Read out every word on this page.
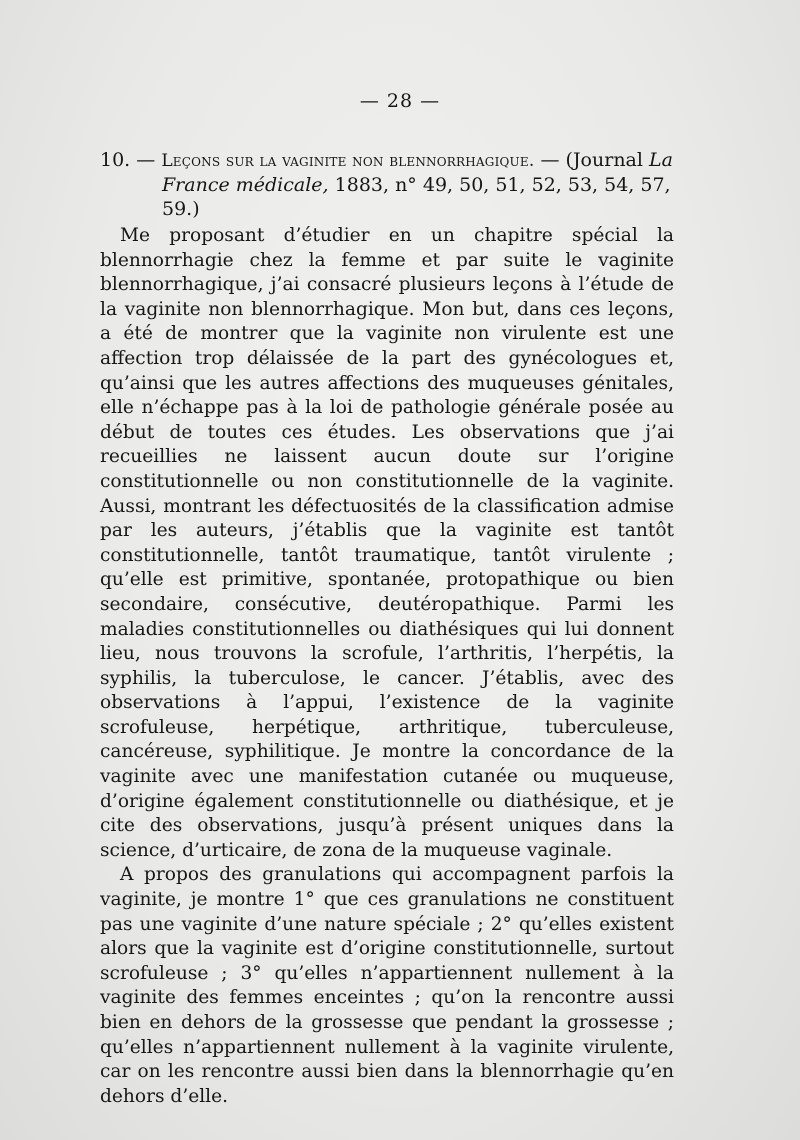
— 28 —
10. — Leçons sur la vaginite non blennorrhagique. — (Journal La
France médicale, 1883, n° 49, 50, 51, 52, 53, 54, 57, 59.)

Me proposant d’étudier en un chapitre spécial la blennorrhagie chez la femme et par suite le vaginite blennorrhagique, j’ai consacré plusieurs leçons à l’étude de la vaginite non blennorrhagique. Mon but, dans ces leçons, a été de montrer que la vaginite non virulente est une affection trop délaissée de la part des gynécologues et, qu’ainsi que les autres affections des muqueuses génitales, elle n’échappe pas à la loi de pathologie générale posée au début de toutes ces études. Les observations que j’ai recueillies ne laissent aucun doute sur l’origine constitutionnelle ou non constitutionnelle de la vaginite. Aussi, montrant les défectuosités de la classification admise par les auteurs, j’établis que la vaginite est tantôt constitutionnelle, tantôt traumatique, tantôt virulente ; qu’elle est primitive, spontanée, protopathique ou bien secondaire, consécutive, deutéropathique. Parmi les maladies constitutionnelles ou diathésiques qui lui donnent lieu, nous trouvons la scrofule, l’arthritis, l’herpétis, la syphilis, la tuberculose, le cancer. J’établis, avec des observations à l’appui, l’existence de la vaginite scrofuleuse, herpétique, arthritique, tuberculeuse, cancéreuse, syphilitique. Je montre la concordance de la vaginite avec une manifestation cutanée ou muqueuse, d’origine également constitutionnelle ou diathésique, et je cite des observations, jusqu’à présent uniques dans la science, d’urticaire, de zona de la muqueuse vaginale.

A propos des granulations qui accompagnent parfois la vaginite, je montre 1° que ces granulations ne constituent pas une vaginite d’une nature spéciale ; 2° qu’elles existent alors que la vaginite est d’origine constitutionnelle, surtout scrofuleuse ; 3° qu’elles n’appartiennent nullement à la vaginite des femmes enceintes ; qu’on la rencontre aussi bien en dehors de la grossesse que pendant la grossesse ; qu’elles n’appartiennent nullement à la vaginite virulente, car on les rencontre aussi bien dans la blennorrhagie qu’en dehors d’elle.
